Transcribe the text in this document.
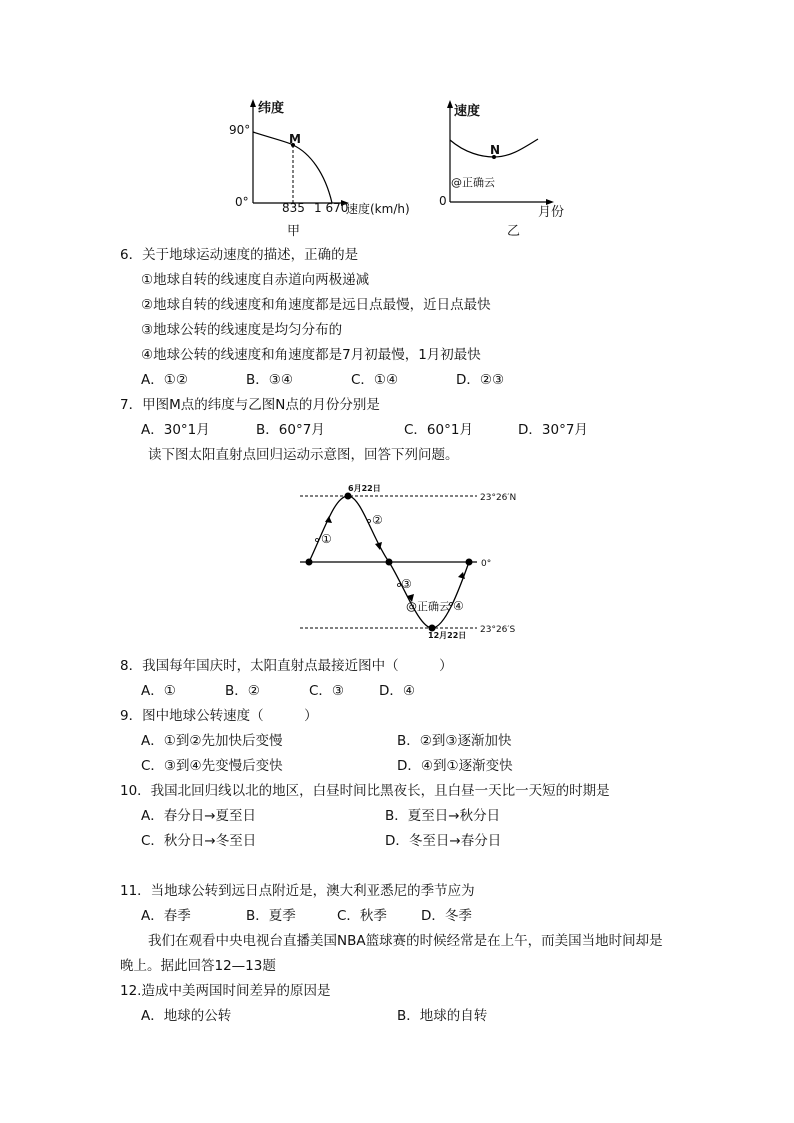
纬度
90°
0°
M
835 1 670
速度(km/h)
甲
速度
N
@正确云
0
月份
乙
6．关于地球运动速度的描述，正确的是
①地球自转的线速度自赤道向两极递减
②地球自转的线速度和角速度都是远日点最慢，近日点最快
③地球公转的线速度是均匀分布的
④地球公转的线速度和角速度都是7月初最慢，1月初最快
A．①②	B．③④	C．①④	D．②③
7．甲图M点的纬度与乙图N点的月份分别是
A．30°1月	B．60°7月	C．60°1月	D．30°7月
读下图太阳直射点回归运动示意图，回答下列问题。
6月22日
12月22日
23°26′N
0°
23°26′S
①
②
③
@正确云 ④
8．我国每年国庆时，太阳直射点最接近图中（　　　）
A．①	B．②	C．③	D．④
9．图中地球公转速度（　　　）
A．①到②先加快后变慢	B．②到③逐渐加快
C．③到④先变慢后变快	D．④到①逐渐变快
10．我国北回归线以北的地区，白昼时间比黑夜长，且白昼一天比一天短的时期是
A．春分日→夏至日	B．夏至日→秋分日
C．秋分日→冬至日	D．冬至日→春分日
11．当地球公转到远日点附近是，澳大利亚悉尼的季节应为
A．春季	B．夏季	C．秋季	D．冬季
我们在观看中央电视台直播美国NBA篮球赛的时候经常是在上午，而美国当地时间却是
晚上。据此回答12—13题
12.造成中美两国时间差异的原因是
A．地球的公转	B．地球的自转
